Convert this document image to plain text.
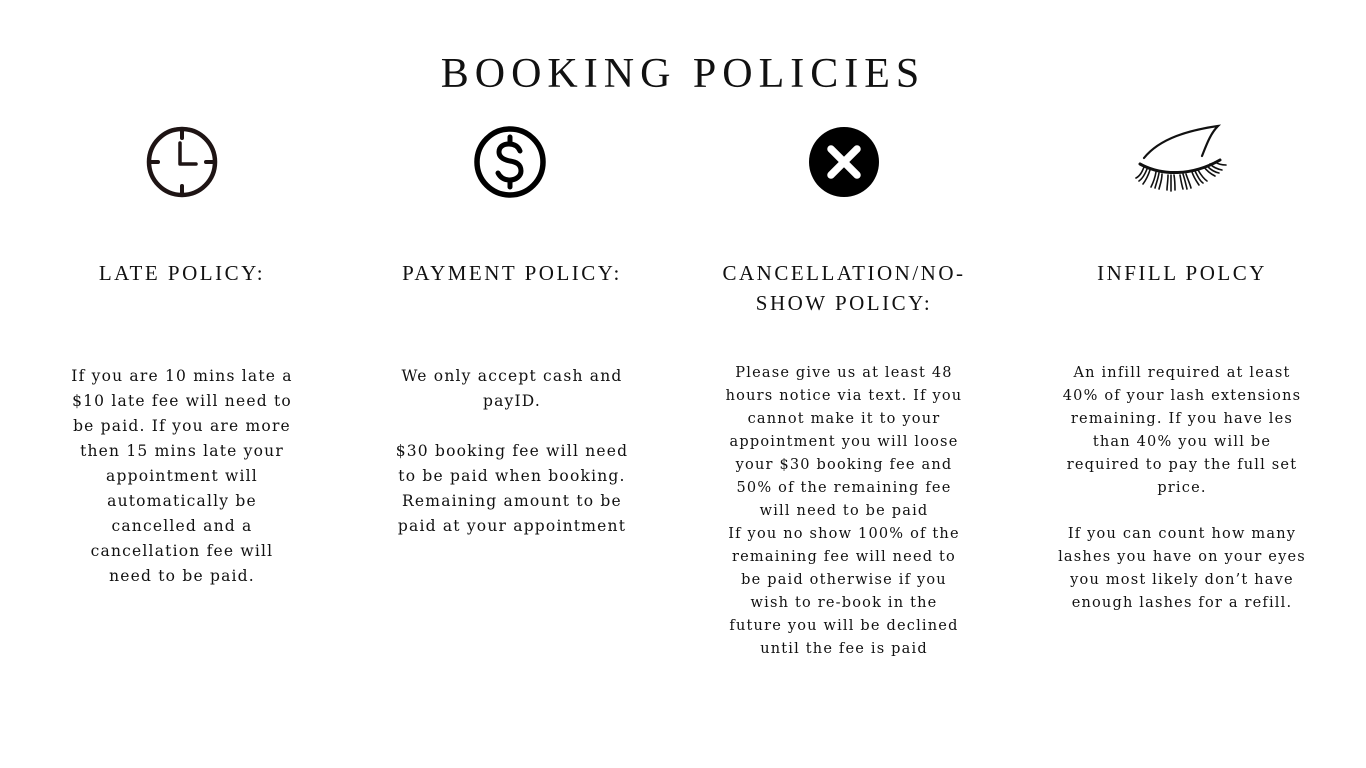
BOOKING POLICIES
LATE POLICY:
If you are 10 mins late a $10 late fee will need to be paid. If you are more then 15 mins late your appointment will automatically be cancelled and a cancellation fee will need to be paid.
PAYMENT POLICY:
We only accept cash and payID.

$30 booking fee will need to be paid when booking.
Remaining amount to be paid at your appointment
CANCELLATION/NO-SHOW POLICY:
Please give us at least 48 hours notice via text. If you cannot make it to your appointment you will loose your $30 booking fee and 50% of the remaining fee will need to be paid
If you no show 100% of the remaining fee will need to be paid otherwise if you wish to re-book in the future you will be declined until the fee is paid
INFILL POLCY
An infill required at least 40% of your lash extensions remaining. If you have les than 40% you will be required to pay the full set price.

If you can count how many lashes you have on your eyes you most likely don’t have enough lashes for a refill.
